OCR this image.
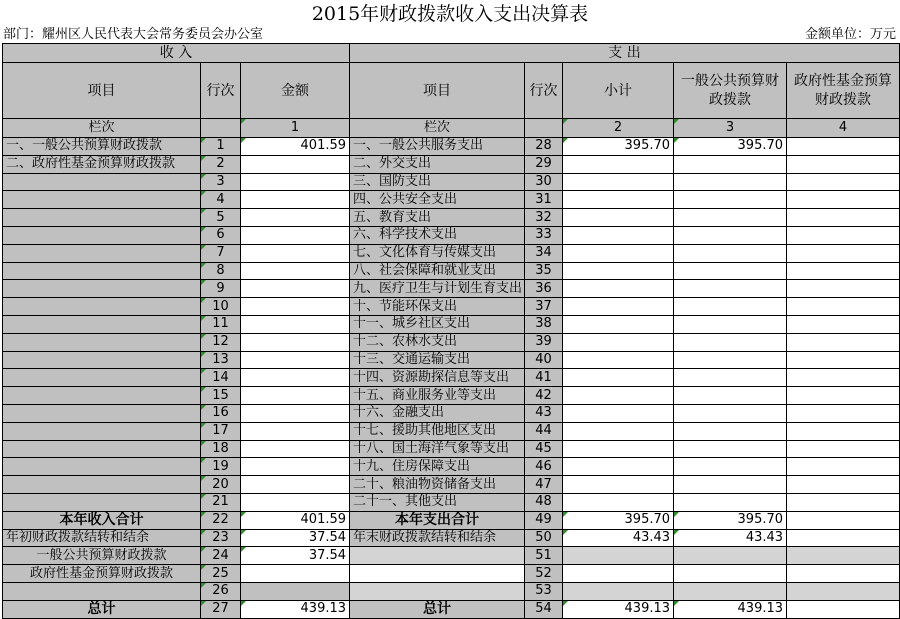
2015年财政拨款收入支出决算表
部门：耀州区人民代表大会常务委员会办公室	金额单位：万元
收 入			支 出				
项目	行次	金额	项目	行次	小计	一般公共预算财政拨款	政府性基金预算财政拨款
栏次		1	栏次		2	3	4
一、一般公共预算财政拨款	1	401.59	一、一般公共服务支出	28	395.70	395.70	
二、政府性基金预算财政拨款	2		二、外交支出	29			
	3		三、国防支出	30			
	4		四、公共安全支出	31			
	5		五、教育支出	32			
	6		六、科学技术支出	33			
	7		七、文化体育与传媒支出	34			
	8		八、社会保障和就业支出	35			
	9		九、医疗卫生与计划生育支出	36			
	10		十、节能环保支出	37			
	11		十一、城乡社区支出	38			
	12		十二、农林水支出	39			
	13		十三、交通运输支出	40			
	14		十四、资源勘探信息等支出	41			
	15		十五、商业服务业等支出	42			
	16		十六、金融支出	43			
	17		十七、援助其他地区支出	44			
	18		十八、国土海洋气象等支出	45			
	19		十九、住房保障支出	46			
	20		二十、粮油物资储备支出	47			
	21		二十一、其他支出	48			
本年收入合计	22	401.59	本年支出合计	49	395.70	395.70	
年初财政拨款结转和结余	23	37.54	年末财政拨款结转和结余	50	43.43	43.43	
一般公共预算财政拨款	24	37.54		51			
政府性基金预算财政拨款	25			52			
	26			53			
总计	27	439.13	总计	54	439.13	439.13	
